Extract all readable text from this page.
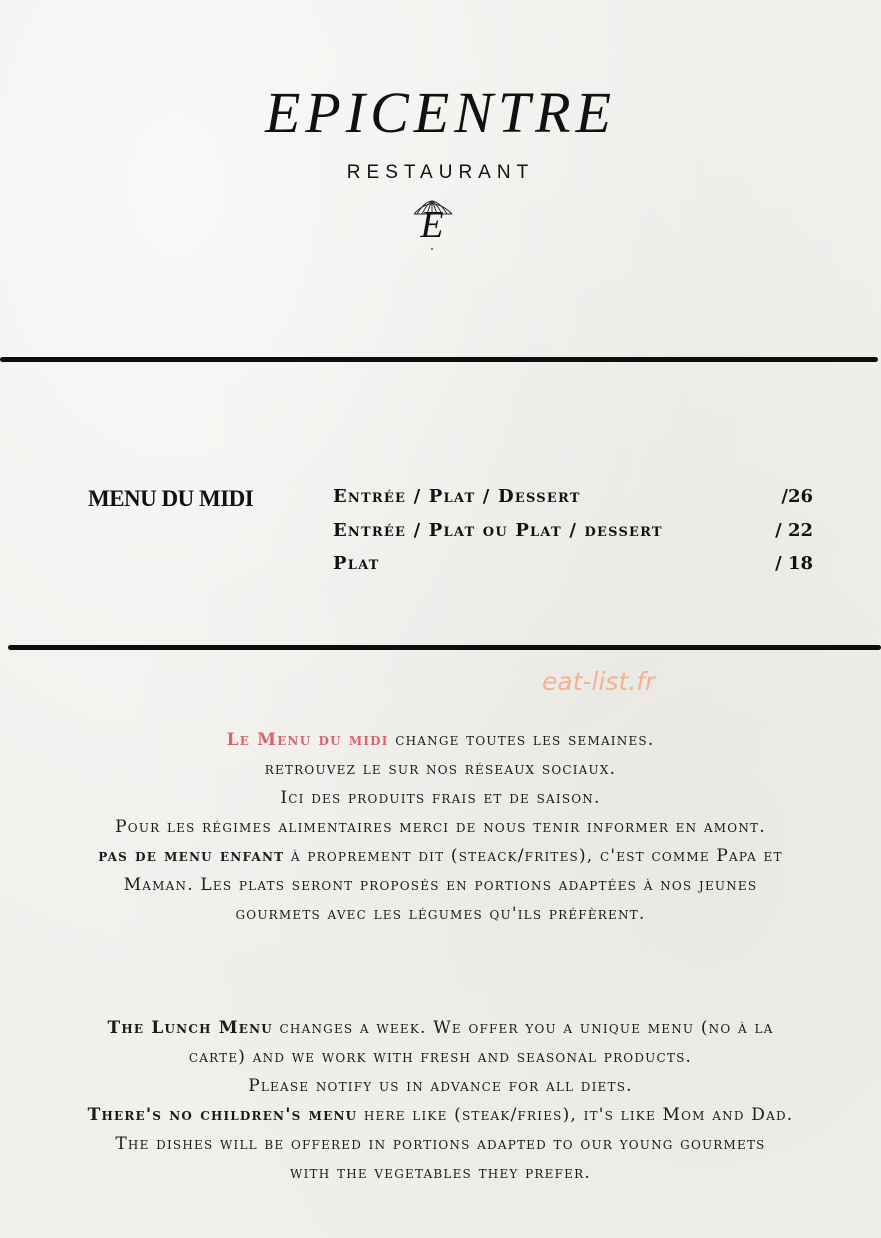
EPICENTRE
RESTAURANT
E
MENU DU MIDI	Entrée / Plat / Dessert	/26
Entrée / Plat ou Plat / dessert	/ 22
Plat	/ 18
eat-list.fr
Le Menu du midi change toutes les semaines.
retrouvez le sur nos réseaux sociaux.
Ici des produits frais et de saison.
Pour les régimes alimentaires merci de nous tenir informer en amont.
pas de menu enfant à proprement dit (steack/frites), c'est comme Papa et
Maman. Les plats seront proposés en portions adaptées à nos jeunes
gourmets avec les légumes qu'ils préfèrent.
The Lunch Menu changes a week. We offer you a unique menu (no à la
carte) and we work with fresh and seasonal products.
Please notify us in advance for all diets.
There's no children's menu here like (steak/fries), it's like Mom and Dad.
The dishes will be offered in portions adapted to our young gourmets
with the vegetables they prefer.
